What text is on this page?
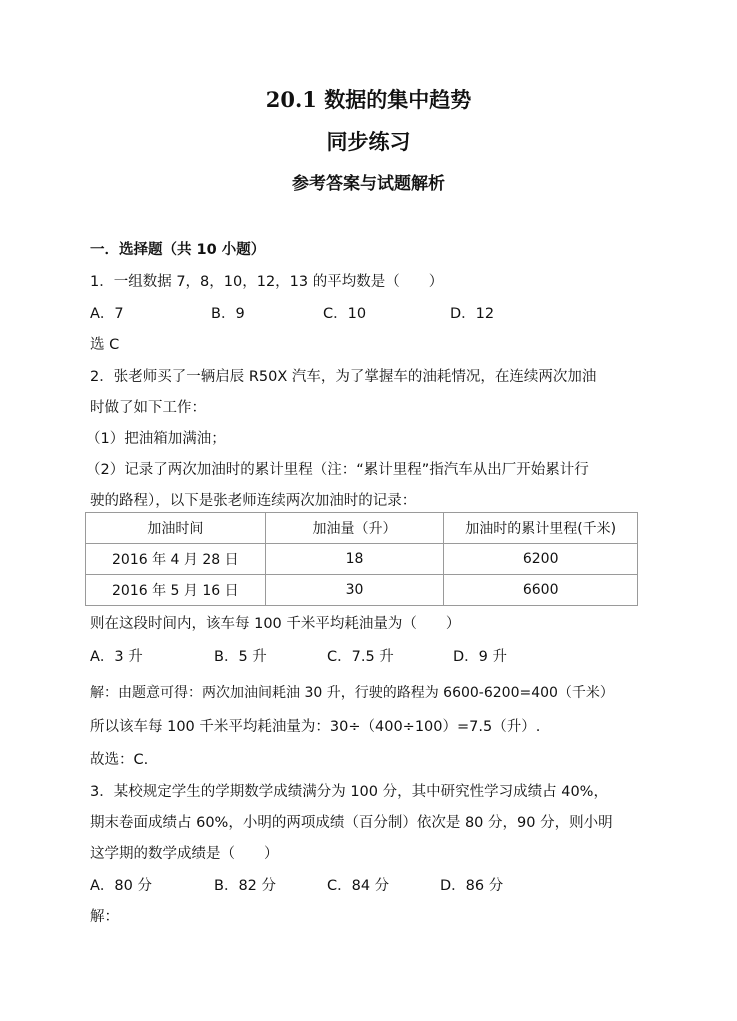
20.1 数据的集中趋势
同步练习
参考答案与试题解析
一．选择题（共 10 小题）
1．一组数据 7，8，10，12，13 的平均数是（　　）
A．7	B．9	C．10	D．12
选 C
2．张老师买了一辆启辰 R50X 汽车，为了掌握车的油耗情况，在连续两次加油
时做了如下工作：
（1）把油箱加满油；
（2）记录了两次加油时的累计里程（注：“累计里程”指汽车从出厂开始累计行
驶的路程），以下是张老师连续两次加油时的记录：
加油时间	加油量（升）	加油时的累计里程(千米)
2016 年 4 月 28 日	18	6200
2016 年 5 月 16 日	30	6600
则在这段时间内，该车每 100 千米平均耗油量为（　　）
A．3 升	B．5 升	C．7.5 升	D．9 升
解：由题意可得：两次加油间耗油 30 升，行驶的路程为 6600-6200=400（千米）
所以该车每 100 千米平均耗油量为：30÷（400÷100）=7.5（升）.
故选：C.
3．某校规定学生的学期数学成绩满分为 100 分，其中研究性学习成绩占 40%，
期末卷面成绩占 60%，小明的两项成绩（百分制）依次是 80 分，90 分，则小明
这学期的数学成绩是（　　）
A．80 分	B．82 分	C．84 分	D．86 分
解：
